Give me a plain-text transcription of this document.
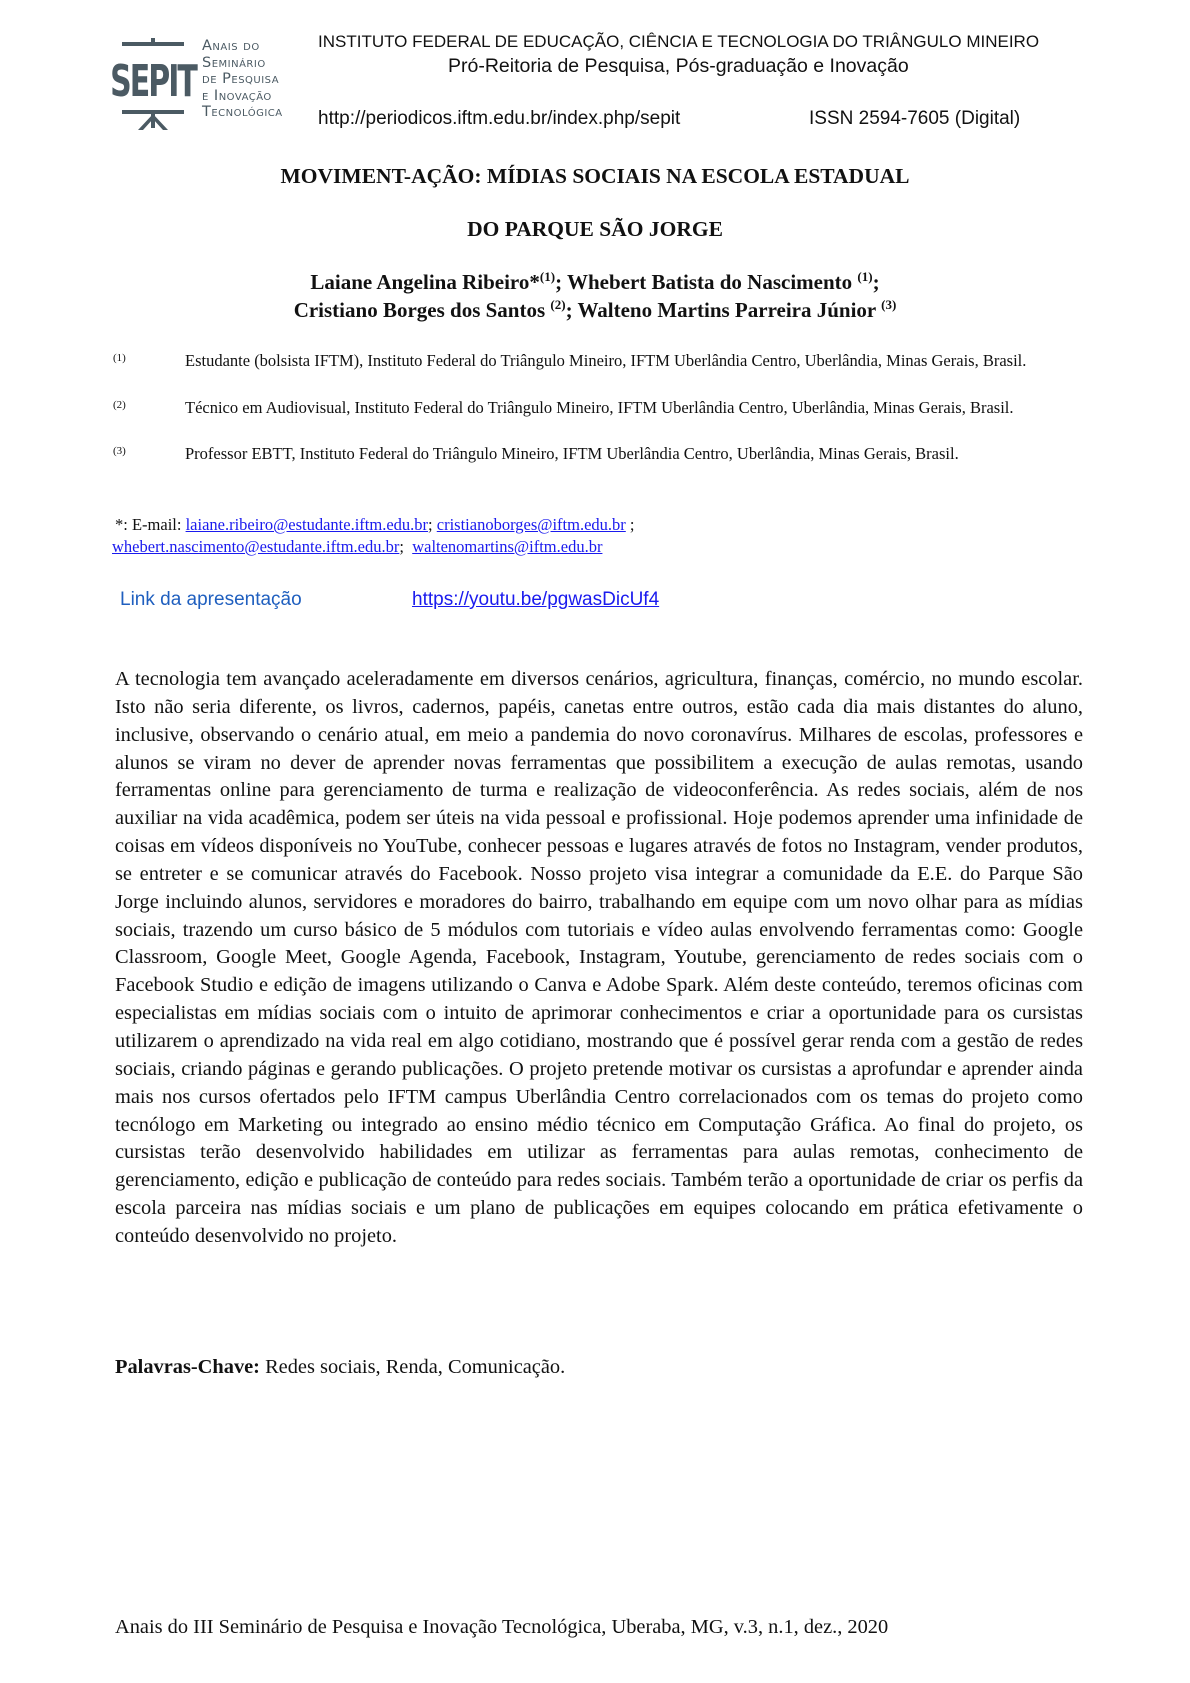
SEPIT
Anais do
Seminário
de Pesquisa
e Inovação
Tecnológica
INSTITUTO FEDERAL DE EDUCAÇÃO, CIÊNCIA E TECNOLOGIA DO TRIÂNGULO MINEIRO
Pró-Reitoria de Pesquisa, Pós-graduação e Inovação
http://periodicos.iftm.edu.br/index.php/sepit	ISSN 2594-7605 (Digital)
MOVIMENT-AÇÃO: MÍDIAS SOCIAIS NA ESCOLA ESTADUAL
DO PARQUE SÃO JORGE
Laiane Angelina Ribeiro*$^{(1)}$; Whebert Batista do Nascimento $^{(1)}$;
Cristiano Borges dos Santos $^{(2)}$; Walteno Martins Parreira Júnior $^{(3)}$
(1)	Estudante (bolsista IFTM), Instituto Federal do Triângulo Mineiro, IFTM Uberlândia Centro, Uberlândia, Minas Gerais, Brasil.
(2)	Técnico em Audiovisual, Instituto Federal do Triângulo Mineiro, IFTM Uberlândia Centro, Uberlândia, Minas Gerais, Brasil.
(3)	Professor EBTT, Instituto Federal do Triângulo Mineiro, IFTM Uberlândia Centro, Uberlândia, Minas Gerais, Brasil.
*: E-mail: laiane.ribeiro@estudante.iftm.edu.br; cristianoborges@iftm.edu.br ;
whebert.nascimento@estudante.iftm.edu.br;  waltenomartins@iftm.edu.br
Link da apresentação	https://youtu.be/pgwasDicUf4
A tecnologia tem avançado aceleradamente em diversos cenários, agricultura, finanças, comércio, no mundo escolar. Isto não seria diferente, os livros, cadernos, papéis, canetas entre outros, estão cada dia mais distantes do aluno, inclusive, observando o cenário atual, em meio a pandemia do novo coronavírus. Milhares de escolas, professores e alunos se viram no dever de aprender novas ferramentas que possibilitem a execução de aulas remotas, usando ferramentas online para gerenciamento de turma e realização de videoconferência. As redes sociais, além de nos auxiliar na vida acadêmica, podem ser úteis na vida pessoal e profissional. Hoje podemos aprender uma infinidade de coisas em vídeos disponíveis no YouTube, conhecer pessoas e lugares através de fotos no Instagram, vender produtos, se entreter e se comunicar através do Facebook. Nosso projeto visa integrar a comunidade da E.E. do Parque São Jorge incluindo alunos, servidores e moradores do bairro, trabalhando em equipe com um novo olhar para as mídias sociais, trazendo um curso básico de 5 módulos com tutoriais e vídeo aulas envolvendo ferramentas como: Google Classroom, Google Meet, Google Agenda, Facebook, Instagram, Youtube, gerenciamento de redes sociais com o Facebook Studio e edição de imagens utilizando o Canva e Adobe Spark. Além deste conteúdo, teremos oficinas com especialistas em mídias sociais com o intuito de aprimorar conhecimentos e criar a oportunidade para os cursistas utilizarem o aprendizado na vida real em algo cotidiano, mostrando que é possível gerar renda com a gestão de redes sociais, criando páginas e gerando publicações. O projeto pretende motivar os cursistas a aprofundar e aprender ainda mais nos cursos ofertados pelo IFTM campus Uberlândia Centro correlacionados com os temas do projeto como tecnólogo em Marketing ou integrado ao ensino médio técnico em Computação Gráfica. Ao final do projeto, os cursistas terão desenvolvido habilidades em utilizar as ferramentas para aulas remotas, conhecimento de gerenciamento, edição e publicação de conteúdo para redes sociais. Também terão a oportunidade de criar os perfis da escola parceira nas mídias sociais e um plano de publicações em equipes colocando em prática efetivamente o conteúdo desenvolvido no projeto.
Palavras-Chave: Redes sociais, Renda, Comunicação.
Anais do III Seminário de Pesquisa e Inovação Tecnológica, Uberaba, MG, v.3, n.1, dez., 2020
